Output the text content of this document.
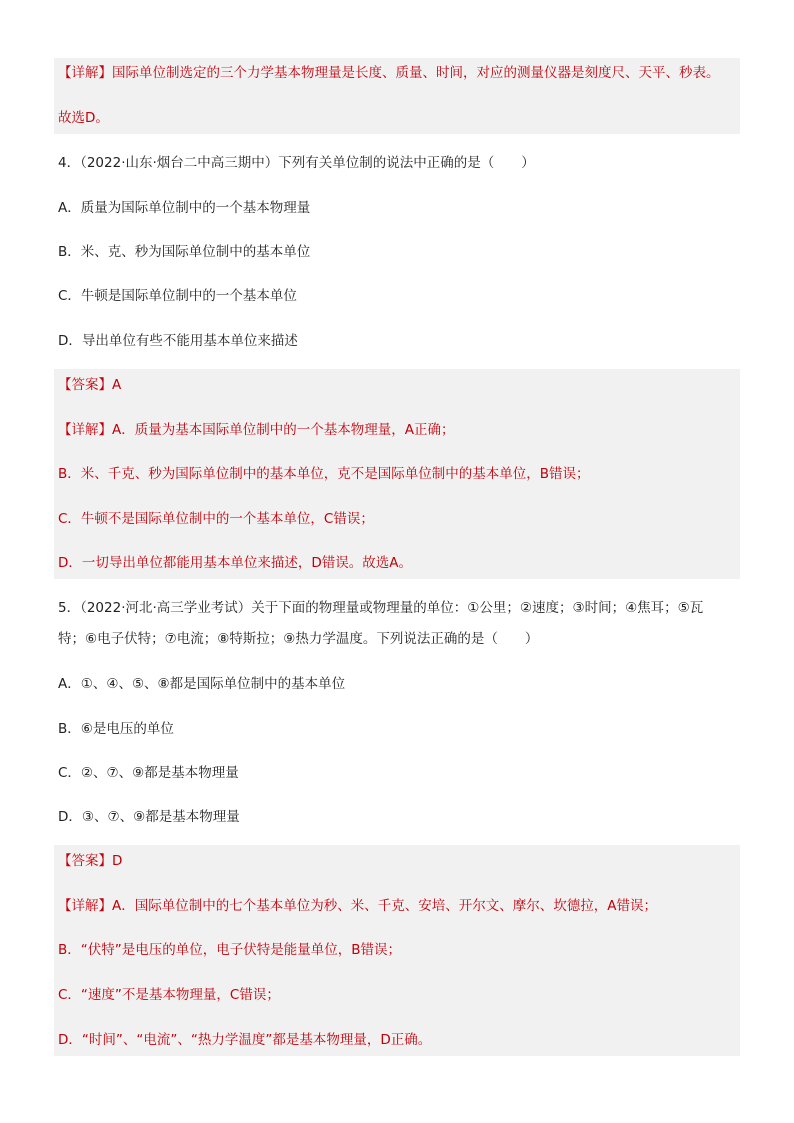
【详解】国际单位制选定的三个力学基本物理量是长度、质量、时间，对应的测量仪器是刻度尺、天平、秒表。
故选D。
4．（2022·山东·烟台二中高三期中）下列有关单位制的说法中正确的是（　　）
A．质量为国际单位制中的一个基本物理量
B．米、克、秒为国际单位制中的基本单位
C．牛顿是国际单位制中的一个基本单位
D．导出单位有些不能用基本单位来描述
【答案】A
【详解】A．质量为基本国际单位制中的一个基本物理量，A正确；
B．米、千克、秒为国际单位制中的基本单位，克不是国际单位制中的基本单位，B错误；
C．牛顿不是国际单位制中的一个基本单位，C错误；
D．一切导出单位都能用基本单位来描述，D错误。故选A。
5．（2022·河北·高三学业考试）关于下面的物理量或物理量的单位：①公里；②速度；③时间；④焦耳；⑤瓦
特；⑥电子伏特；⑦电流；⑧特斯拉；⑨热力学温度。下列说法正确的是（　　）
A．①、④、⑤、⑧都是国际单位制中的基本单位
B．⑥是电压的单位
C．②、⑦、⑨都是基本物理量
D．③、⑦、⑨都是基本物理量
【答案】D
【详解】A．国际单位制中的七个基本单位为秒、米、千克、安培、开尔文、摩尔、坎德拉，A错误；
B．“伏特”是电压的单位，电子伏特是能量单位，B错误；
C．“速度”不是基本物理量，C错误；
D．“时间”、“电流”、“热力学温度”都是基本物理量，D正确。
